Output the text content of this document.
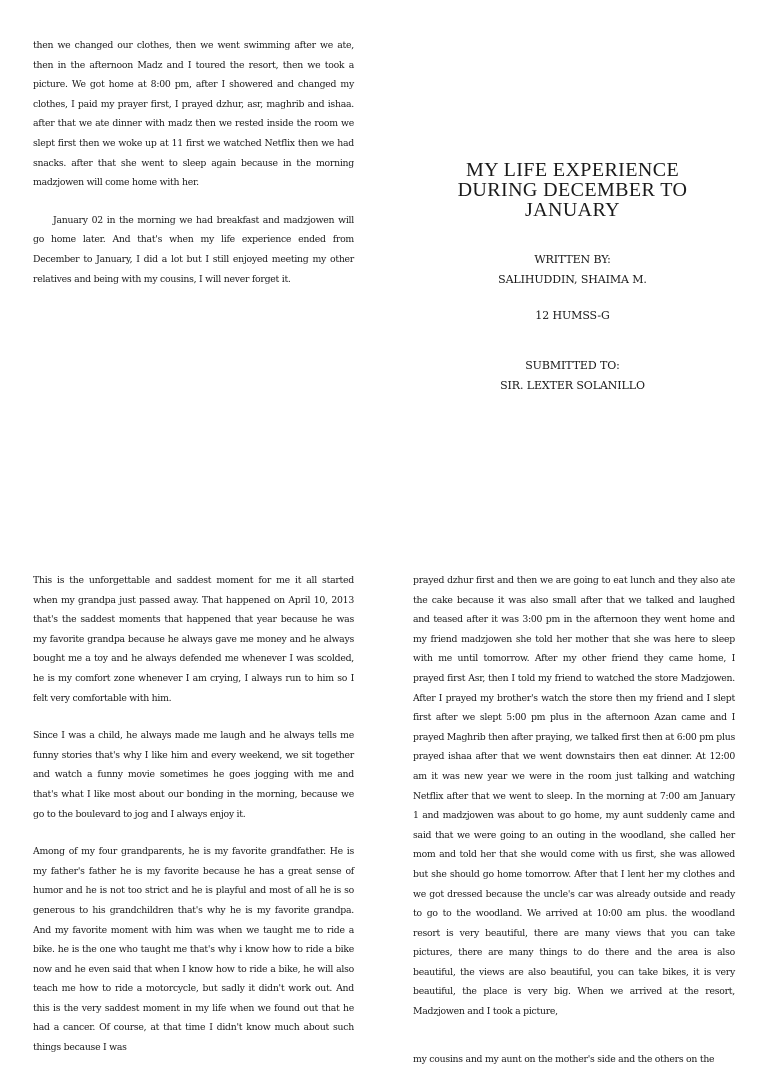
then we changed our clothes, then we went swimming after we ate, then in the afternoon Madz and I toured the resort, then we took a picture. We got home at 8:00 pm, after I showered and changed my clothes, I paid my prayer first, I prayed dzhur, asr, maghrib and ishaa. after that we ate dinner with madz then we rested inside the room we slept first then we woke up at 11 first we watched Netflix then we had snacks. after that she went to sleep again because in the morning madzjowen will come home with her.

January 02 in the morning we had breakfast and madzjowen will go home later. And that's when my life experience ended from December to January, I did a lot but I still enjoyed meeting my other relatives and being with my cousins, I will never forget it.

MY LIFE EXPERIENCE
DURING DECEMBER TO
JANUARY

WRITTEN BY:

SALIHUDDIN, SHAIMA M.

12 HUMSS-G

SUBMITTED TO:

SIR. LEXTER SOLANILLO

This is the unforgettable and saddest moment for me it all started when my grandpa just passed away. That happened on April 10, 2013 that's the saddest moments that happened that year because he was my favorite grandpa because he always gave me money and he always bought me a toy and he always defended me whenever I was scolded, he is my comfort zone whenever I am crying, I always run to him so I felt very comfortable with him.

Since I was a child, he always made me laugh and he always tells me funny stories that's why I like him and every weekend, we sit together and watch a funny movie sometimes he goes jogging with me and that's what I like most about our bonding in the morning, because we go to the boulevard to jog and I always enjoy it.

Among of my four grandparents, he is my favorite grandfather. He is my father's father he is my favorite because he has a great sense of humor and he is not too strict and he is playful and most of all he is so generous to his grandchildren that's why he is my favorite grandpa. And my favorite moment with him was when we taught me to ride a bike. he is the one who taught me that's why i know how to ride a bike now and he even said that when I know how to ride a bike, he will also teach me how to ride a motorcycle, but sadly it didn't work out. And this is the very saddest moment in my life when we found out that he had a cancer. Of course, at that time I didn't know much about such things because I was

prayed dzhur first and then we are going to eat lunch and they also ate the cake because it was also small after that we talked and laughed and teased after it was 3:00 pm in the afternoon they went home and my friend madzjowen she told her mother that she was here to sleep with me until tomorrow. After my other friend they came home, I prayed first Asr, then I told my friend to watched the store Madzjowen. After I prayed my brother's watch the store then my friend and I slept first after we slept 5:00 pm plus in the afternoon Azan came and I prayed Maghrib then after praying, we talked first then at 6:00 pm plus prayed ishaa after that we went downstairs then eat dinner. At 12:00 am it was new year we were in the room just talking and watching Netflix after that we went to sleep. In the morning at 7:00 am January 1 and madzjowen was about to go home, my aunt suddenly came and said that we were going to an outing in the woodland, she called her mom and told her that she would come with us first, she was allowed but she should go home tomorrow. After that I lent her my clothes and we got dressed because the uncle's car was already outside and ready to go to the woodland. We arrived at 10:00 am plus. the woodland resort is very beautiful, there are many views that you can take pictures, there are many things to do there and the area is also beautiful, the views are also beautiful, you can take bikes, it is very beautiful, the place is very big. When we arrived at the resort, Madzjowen and I took a picture,

my cousins and my aunt on the mother's side and the others on the
